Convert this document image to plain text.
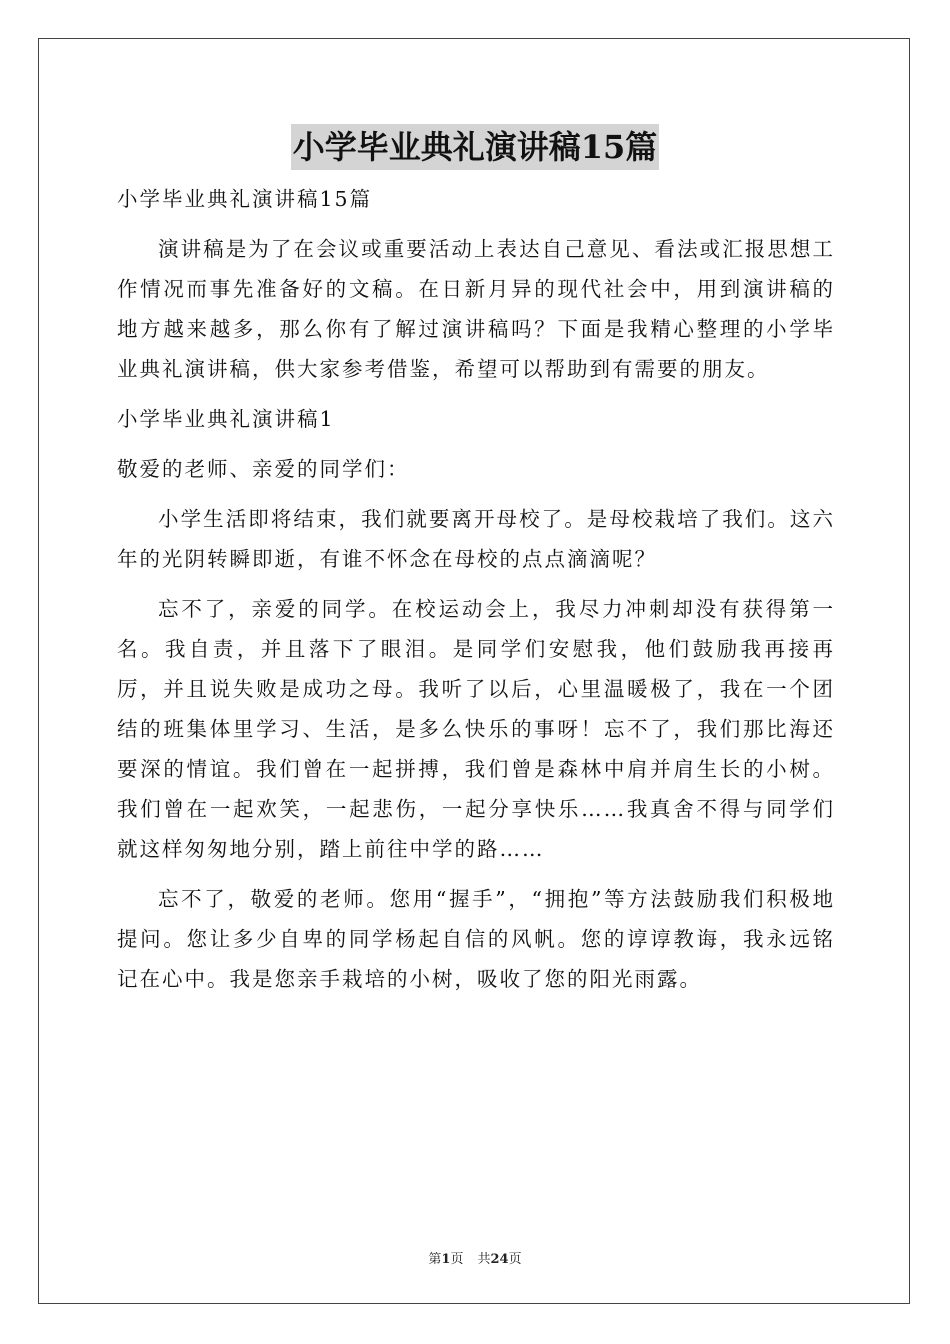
小学毕业典礼演讲稿15篇

小学毕业典礼演讲稿15篇

演讲稿是为了在会议或重要活动上表达自己意见、看法或汇报思想工作情况而事先准备好的文稿。在日新月异的现代社会中，用到演讲稿的地方越来越多，那么你有了解过演讲稿吗？下面是我精心整理的小学毕业典礼演讲稿，供大家参考借鉴，希望可以帮助到有需要的朋友。

小学毕业典礼演讲稿1

敬爱的老师、亲爱的同学们：

小学生活即将结束，我们就要离开母校了。是母校栽培了我们。这六年的光阴转瞬即逝，有谁不怀念在母校的点点滴滴呢？

忘不了，亲爱的同学。在校运动会上，我尽力冲刺却没有获得第一名。我自责，并且落下了眼泪。是同学们安慰我，他们鼓励我再接再厉，并且说失败是成功之母。我听了以后，心里温暖极了，我在一个团结的班集体里学习、生活，是多么快乐的事呀！忘不了，我们那比海还要深的情谊。我们曾在一起拼搏，我们曾是森林中肩并肩生长的小树。我们曾在一起欢笑，一起悲伤，一起分享快乐……我真舍不得与同学们就这样匆匆地分别，踏上前往中学的路……

忘不了，敬爱的老师。您用“握手”，“拥抱”等方法鼓励我们积极地提问。您让多少自卑的同学杨起自信的风帆。您的谆谆教诲，我永远铭记在心中。我是您亲手栽培的小树，吸收了您的阳光雨露。

第1页 共24页
